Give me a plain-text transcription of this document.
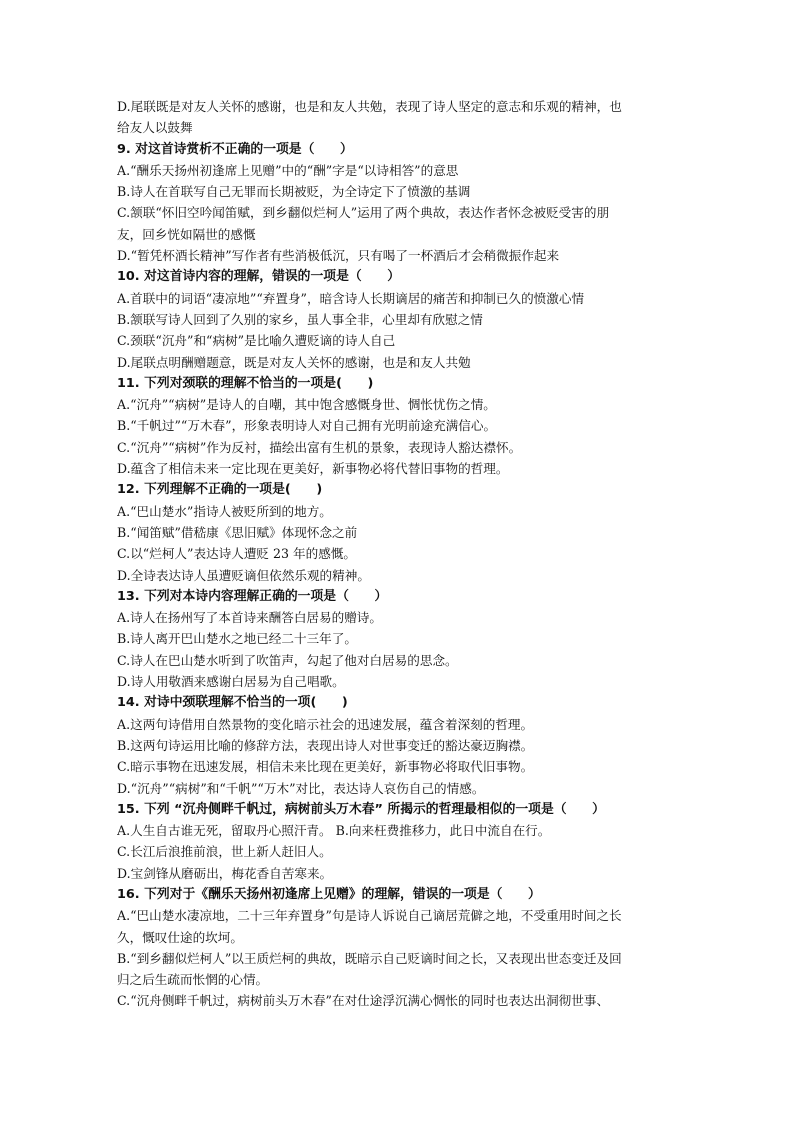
D.尾联既是对友人关怀的感谢，也是和友人共勉，表现了诗人坚定的意志和乐观的精神，也
给友人以鼓舞
9. 对这首诗赏析不正确的一项是（　　）
A.“酬乐天扬州初逢席上见赠”中的“酬”字是“以诗相答”的意思
B.诗人在首联写自己无罪而长期被贬，为全诗定下了愤激的基调
C.颔联“怀旧空吟闻笛赋，到乡翻似烂柯人”运用了两个典故，表达作者怀念被贬受害的朋
友，回乡恍如隔世的感慨
D.“暂凭杯酒长精神”写作者有些消极低沉，只有喝了一杯酒后才会稍微振作起来
10. 对这首诗内容的理解，错误的一项是（　　）
A.首联中的词语“凄凉地”“弃置身”，暗含诗人长期谪居的痛苦和抑制已久的愤激心情
B.颔联写诗人回到了久别的家乡，虽人事全非，心里却有欣慰之情
C.颈联“沉舟”和“病树”是比喻久遭贬谪的诗人自己
D.尾联点明酬赠题意，既是对友人关怀的感谢，也是和友人共勉
11. 下列对颈联的理解不恰当的一项是(　　)
A.“沉舟”“病树”是诗人的自嘲，其中饱含感慨身世、惆怅忧伤之情。
B.“千帆过”“万木春”，形象表明诗人对自己拥有光明前途充满信心。
C.“沉舟”“病树”作为反衬，描绘出富有生机的景象，表现诗人豁达襟怀。
D.蕴含了相信未来一定比现在更美好，新事物必将代替旧事物的哲理。
12. 下列理解不正确的一项是(　　)
A.“巴山楚水”指诗人被贬所到的地方。
B.“闻笛赋”借嵇康《思旧赋》体现怀念之前
C.以“烂柯人”表达诗人遭贬 23 年的感慨。
D.全诗表达诗人虽遭贬谪但依然乐观的精神。
13. 下列对本诗内容理解正确的一项是（　　）
A.诗人在扬州写了本首诗来酬答白居易的赠诗。
B.诗人离开巴山楚水之地已经二十三年了。
C.诗人在巴山楚水听到了吹笛声，勾起了他对白居易的思念。
D.诗人用敬酒来感谢白居易为自己唱歌。
14. 对诗中颈联理解不恰当的一项(　　)
A.这两句诗借用自然景物的变化暗示社会的迅速发展，蕴含着深刻的哲理。
B.这两句诗运用比喻的修辞方法，表现出诗人对世事变迁的豁达豪迈胸襟。
C.暗示事物在迅速发展，相信未来比现在更美好，新事物必将取代旧事物。
D.“沉舟”“病树”和“千帆”“万木”对比，表达诗人哀伤自己的情感。
15. 下列 “沉舟侧畔千帆过，病树前头万木春” 所揭示的哲理最相似的一项是（　　）
A.人生自古谁无死，留取丹心照汗青。 B.向来枉费推移力，此日中流自在行。
C.长江后浪推前浪，世上新人赶旧人。
D.宝剑锋从磨砺出，梅花香自苦寒来。
16. 下列对于《酬乐天扬州初逢席上见赠》的理解，错误的一项是（　　）
A.“巴山楚水凄凉地，二十三年弃置身”句是诗人诉说自己谪居荒僻之地，不受重用时间之长
久，慨叹仕途的坎坷。
B.“到乡翻似烂柯人”以王质烂柯的典故，既暗示自己贬谪时间之长，又表现出世态变迁及回
归之后生疏而怅惘的心情。
C.“沉舟侧畔千帆过，病树前头万木春”在对仕途浮沉满心惆怅的同时也表达出洞彻世事、
